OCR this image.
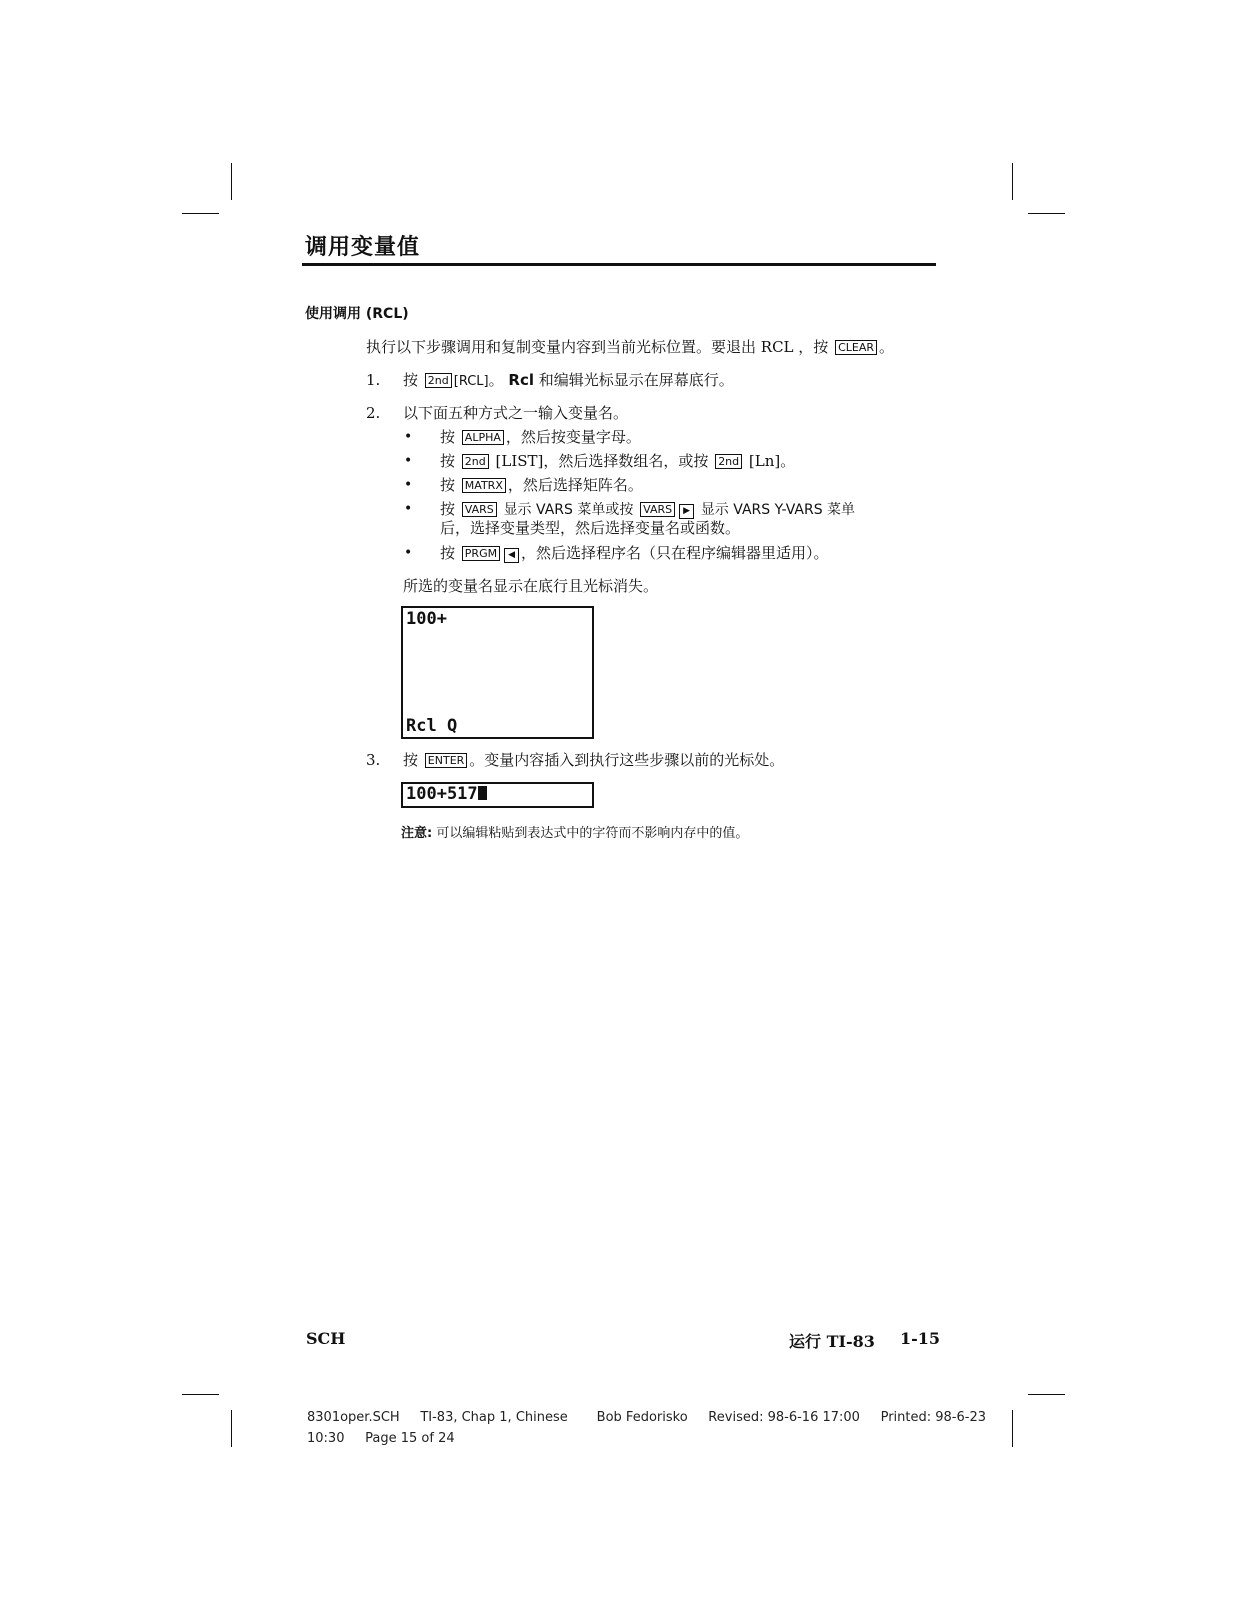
调用变量值
使用调用 (RCL)
执行以下步骤调用和复制变量内容到当前光标位置。要退出 RCL ，按 CLEAR 。
1. 按 2nd [RCL]。 Rcl 和编辑光标显示在屏幕底行。
2. 以下面五种方式之一输入变量名。
• 按 ALPHA ，然后按变量字母。
• 按 2nd [LIST]，然后选择数组名，或按 2nd [Ln]。
• 按 MATRX ，然后选择矩阵名。
• 按 VARS 显示 VARS 菜单或按 VARS ▶ 显示 VARS Y-VARS 菜单
后，选择变量类型，然后选择变量名或函数。
• 按 PRGM ◀ ，然后选择程序名（只在程序编辑器里适用）。
所选的变量名显示在底行且光标消失。
100+
Rcl Q
3. 按 ENTER 。变量内容插入到执行这些步骤以前的光标处。
100+517
注意: 可以编辑粘贴到表达式中的字符而不影响内存中的值。
SCH	运行 TI-83 1-15
8301oper.SCH     TI-83, Chap 1, Chinese       Bob Fedorisko     Revised: 98-6-16 17:00     Printed: 98-6-23
10:30     Page 15 of 24
